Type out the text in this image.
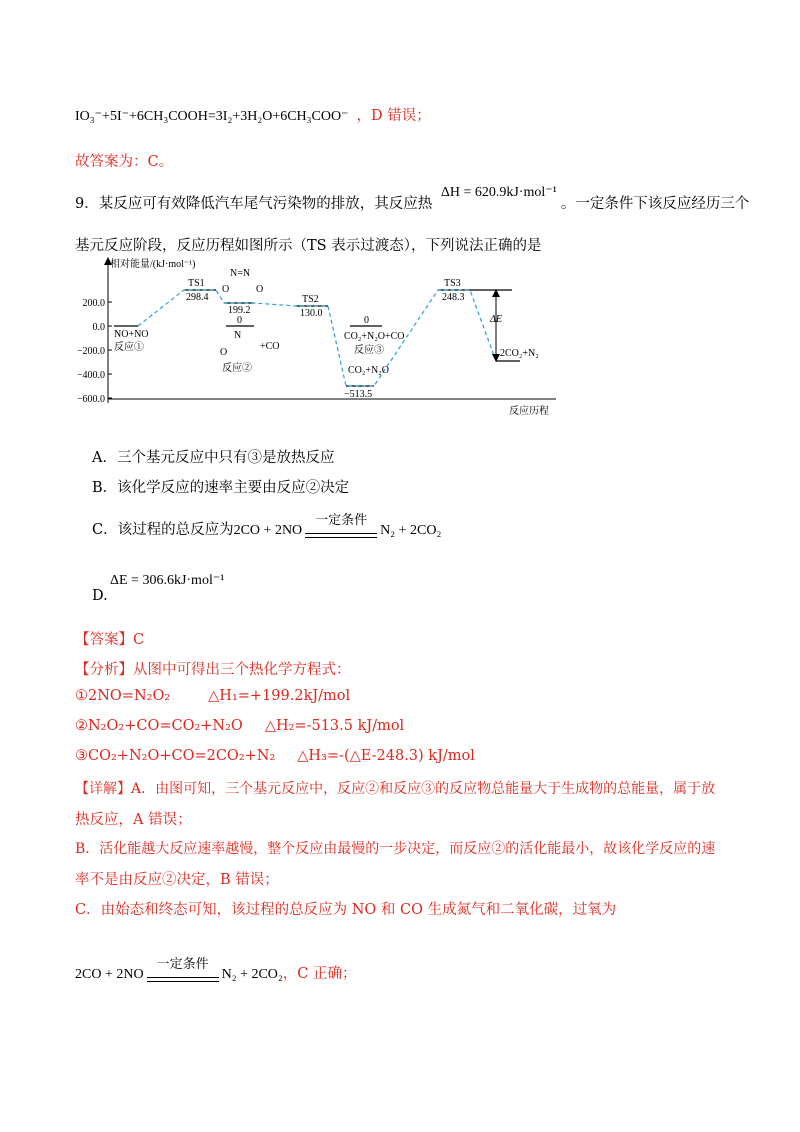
IO₃⁻+5I⁻+6CH₃COOH=3I₂+3H₂O+6CH₃COO⁻ ，D 错误；
故答案为：C。
9．某反应可有效降低汽车尾气污染物的排放，其反应热 ΔH = 620.9kJ·mol⁻¹。一定条件下该反应经历三个
基元反应阶段，反应历程如图所示（TS 表示过渡态），下列说法正确的是
相对能量/(kJ·mol⁻¹)
反应历程
200.0
0.0
−200.0
−400.0
−600.0
TS1
298.4
N=N
O	O
199.2
TS2
130.0
TS3
248.3
NO+NO
反应①
0
N
O
+CO
反应②
0
CO₂+N₂O+CO
反应③
CO₂+N₂O
−513.5
ΔE
2CO₂+N₂
A．三个基元反应中只有③是放热反应
B．该化学反应的速率主要由反应②决定
C．该过程的总反应为2CO + 2NO
一定条件
N₂ + 2CO₂
ΔE = 306.6kJ·mol⁻¹
D.
【答案】C
【分析】从图中可得出三个热化学方程式：
①2NO=N₂O₂	△H₁=+199.2kJ/mol
②N₂O₂+CO=CO₂+N₂O △H₂=-513.5 kJ/mol
③CO₂+N₂O+CO=2CO₂+N₂ △H₃=-(△E-248.3) kJ/mol
【详解】A．由图可知，三个基元反应中，反应②和反应③的反应物总能量大于生成物的总能量，属于放
热反应，A 错误；
B．活化能越大反应速率越慢，整个反应由最慢的一步决定，而反应②的活化能最小，故该化学反应的速
率不是由反应②决定，B 错误；
C．由始态和终态可知，该过程的总反应为 NO 和 CO 生成氮气和二氧化碳，过氧为
2CO + 2NO
一定条件
N₂ + 2CO₂，C 正确；
